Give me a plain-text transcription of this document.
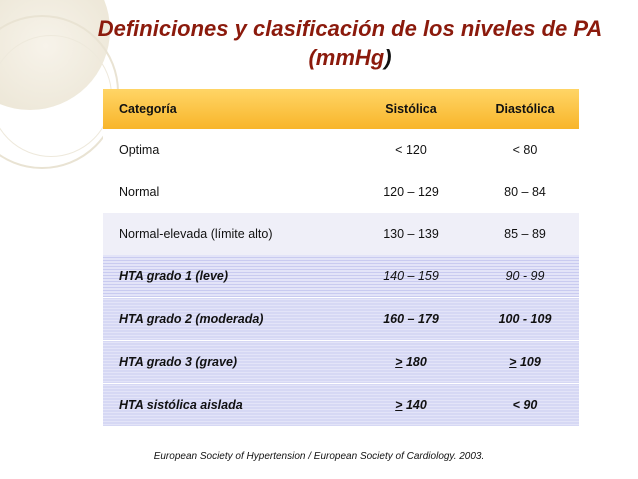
Definiciones y clasificación de los niveles de PA
(mmHg)
Categoría	Sistólica	Diastólica
Optima	< 120	< 80
Normal	120 – 129	80 – 84
Normal-elevada (límite alto)	130 – 139	85 – 89
HTA grado 1 (leve)	140 – 159	90 - 99
HTA grado 2 (moderada)	160 – 179	100 - 109
HTA grado 3 (grave)	≥ 180	≥ 109
HTA sistólica aislada	≥ 140	< 90
European Society of Hypertension / European Society of Cardiology. 2003.
